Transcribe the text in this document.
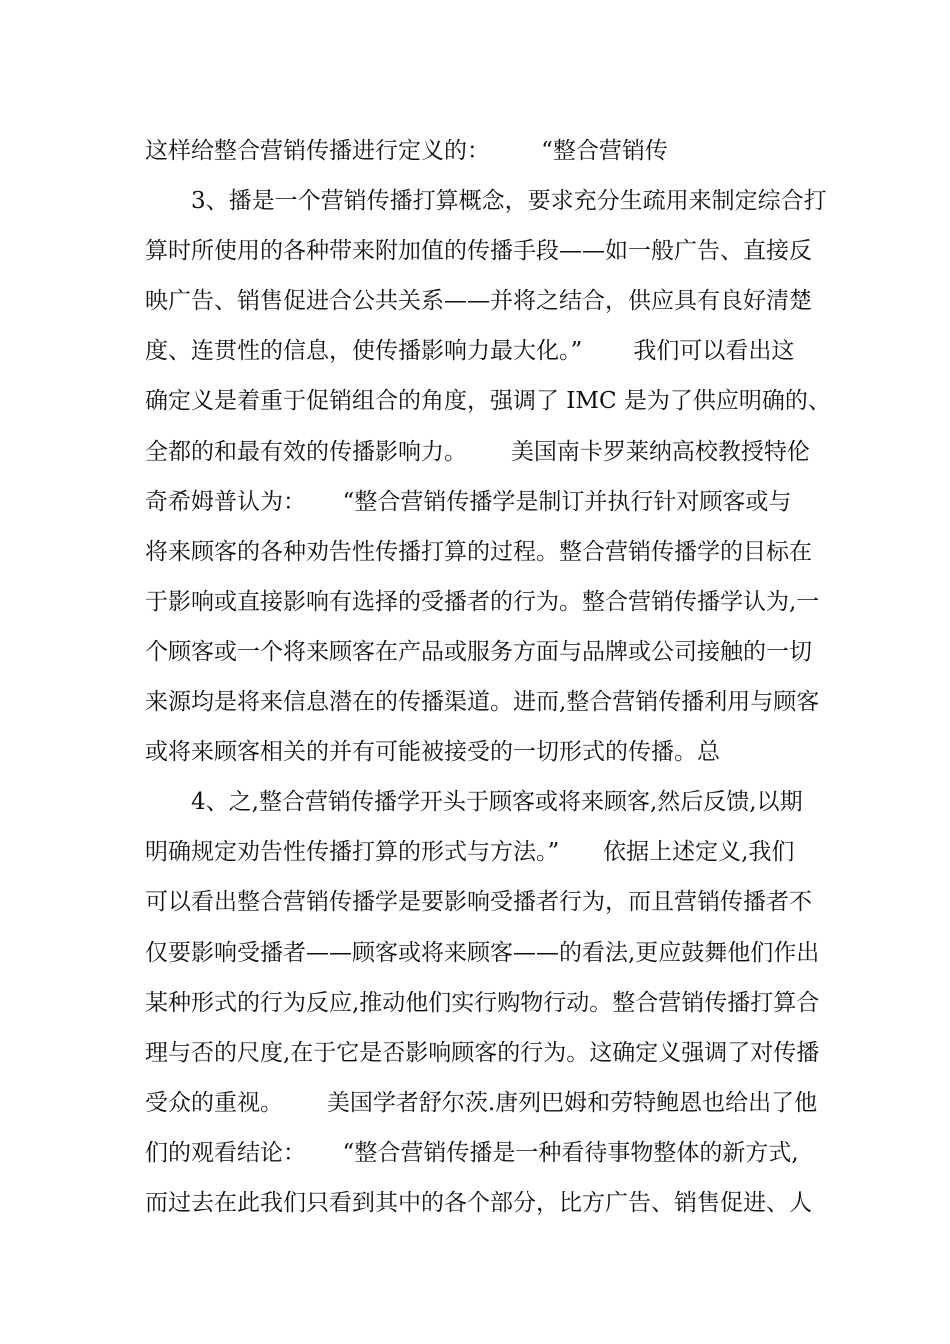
这样给整合营销传播进行定义的：       “整合营销传
3、播是一个营销传播打算概念，要求充分生疏用来制定综合打
算时所使用的各种带来附加值的传播手段——如一般广告、直接反
映广告、销售促进合公共关系——并将之结合，供应具有良好清楚
度、连贯性的信息，使传播影响力最大化。”       我们可以看出这
确定义是着重于促销组合的角度，强调了 IMC 是为了供应明确的、
全都的和最有效的传播影响力。      美国南卡罗莱纳高校教授特伦
奇希姆普认为：     “整合营销传播学是制订并执行针对顾客或与
将来顾客的各种劝告性传播打算的过程。整合营销传播学的目标在
于影响或直接影响有选择的受播者的行为。整合营销传播学认为,一
个顾客或一个将来顾客在产品或服务方面与品牌或公司接触的一切
来源均是将来信息潜在的传播渠道。进而,整合营销传播利用与顾客
或将来顾客相关的并有可能被接受的一切形式的传播。总
4、之,整合营销传播学开头于顾客或将来顾客,然后反馈,以期
明确规定劝告性传播打算的形式与方法。”      依据上述定义,我们
可以看出整合营销传播学是要影响受播者行为，而且营销传播者不
仅要影响受播者——顾客或将来顾客——的看法,更应鼓舞他们作出
某种形式的行为反应,推动他们实行购物行动。整合营销传播打算合
理与否的尺度,在于它是否影响顾客的行为。这确定义强调了对传播
受众的重视。      美国学者舒尔茨.唐列巴姆和劳特鲍恩也给出了他
们的观看结论：     “整合营销传播是一种看待事物整体的新方式,
而过去在此我们只看到其中的各个部分，比方广告、销售促进、人
